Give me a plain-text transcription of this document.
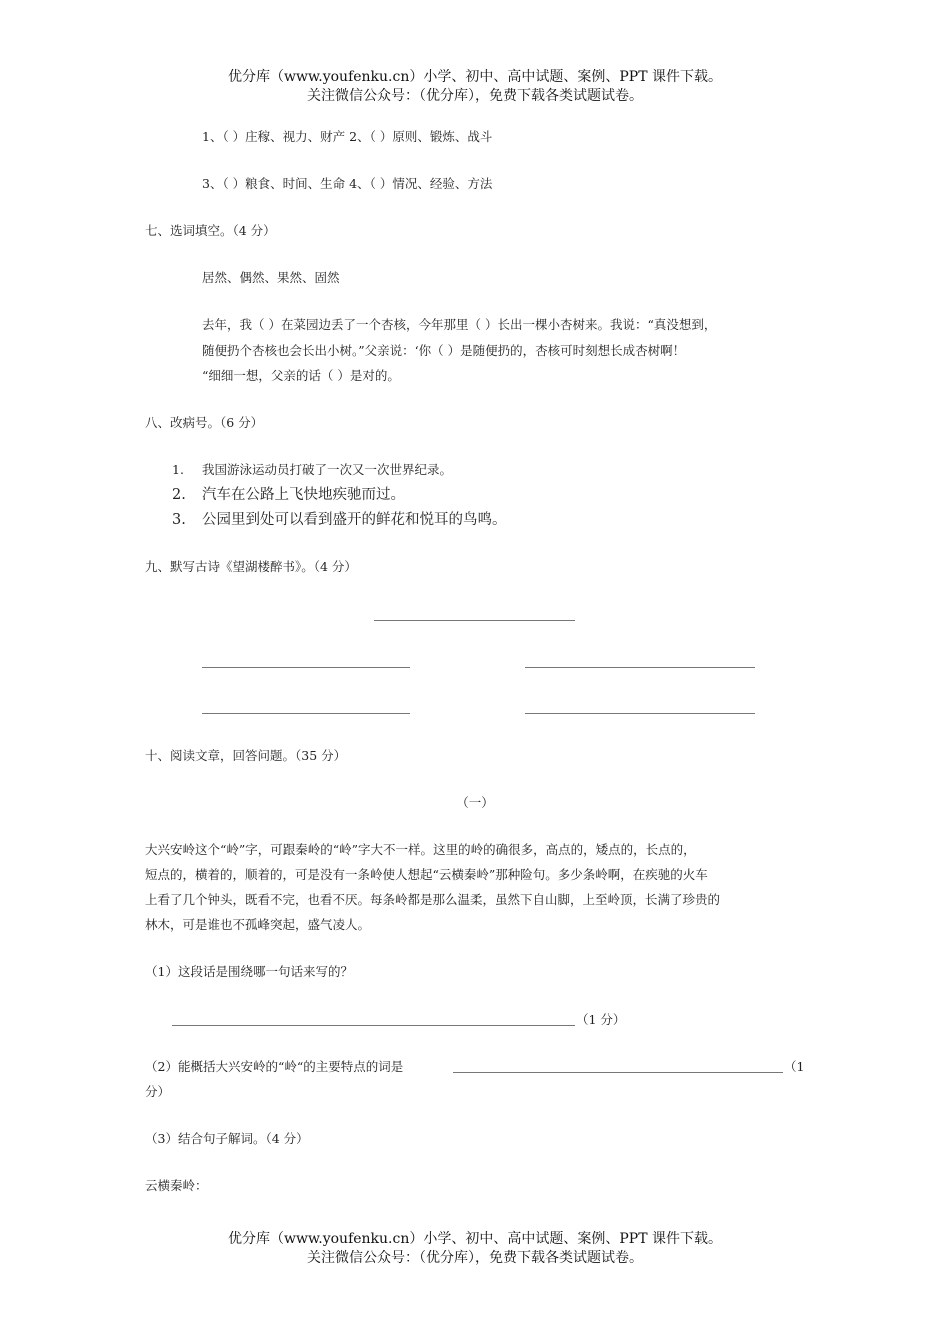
优分库（www.youfenku.cn）小学、初中、高中试题、案例、PPT 课件下载。
关注微信公众号：（优分库），免费下载各类试题试卷。
1、（ ）庄稼、视力、财产 2、（ ）原则、锻炼、战斗
3、（ ）粮食、时间、生命 4、（ ）情况、经验、方法
七、选词填空。（4 分）
居然、偶然、果然、固然
去年，我（ ）在菜园边丢了一个杏核，今年那里（ ）长出一棵小杏树来。我说：“真没想到，
随便扔个杏核也会长出小树。”父亲说：‘你（ ）是随便扔的，杏核可时刻想长成杏树啊！
“细细一想，父亲的话（ ）是对的。
八、改病号。（6 分）
1. 我国游泳运动员打破了一次又一次世界纪录。
2. 汽车在公路上飞快地疾驰而过。
3. 公园里到处可以看到盛开的鲜花和悦耳的鸟鸣。
九、默写古诗《望湖楼醉书》。（4 分）
十、阅读文章，回答问题。（35 分）
（一）
大兴安岭这个“岭”字，可跟秦岭的“岭”字大不一样。这里的岭的确很多，高点的，矮点的，长点的，
短点的，横着的，顺着的，可是没有一条岭使人想起“云横秦岭”那种险句。多少条岭啊，在疾驰的火车
上看了几个钟头，既看不完，也看不厌。每条岭都是那么温柔，虽然下自山脚，上至岭顶，长满了珍贵的
林木，可是谁也不孤峰突起，盛气凌人。
（1）这段话是围绕哪一句话来写的？
（1 分）
（2）能概括大兴安岭的“岭“的主要特点的词是	（1
分）
（3）结合句子解词。（4 分）
云横秦岭：
优分库（www.youfenku.cn）小学、初中、高中试题、案例、PPT 课件下载。
关注微信公众号：（优分库），免费下载各类试题试卷。
